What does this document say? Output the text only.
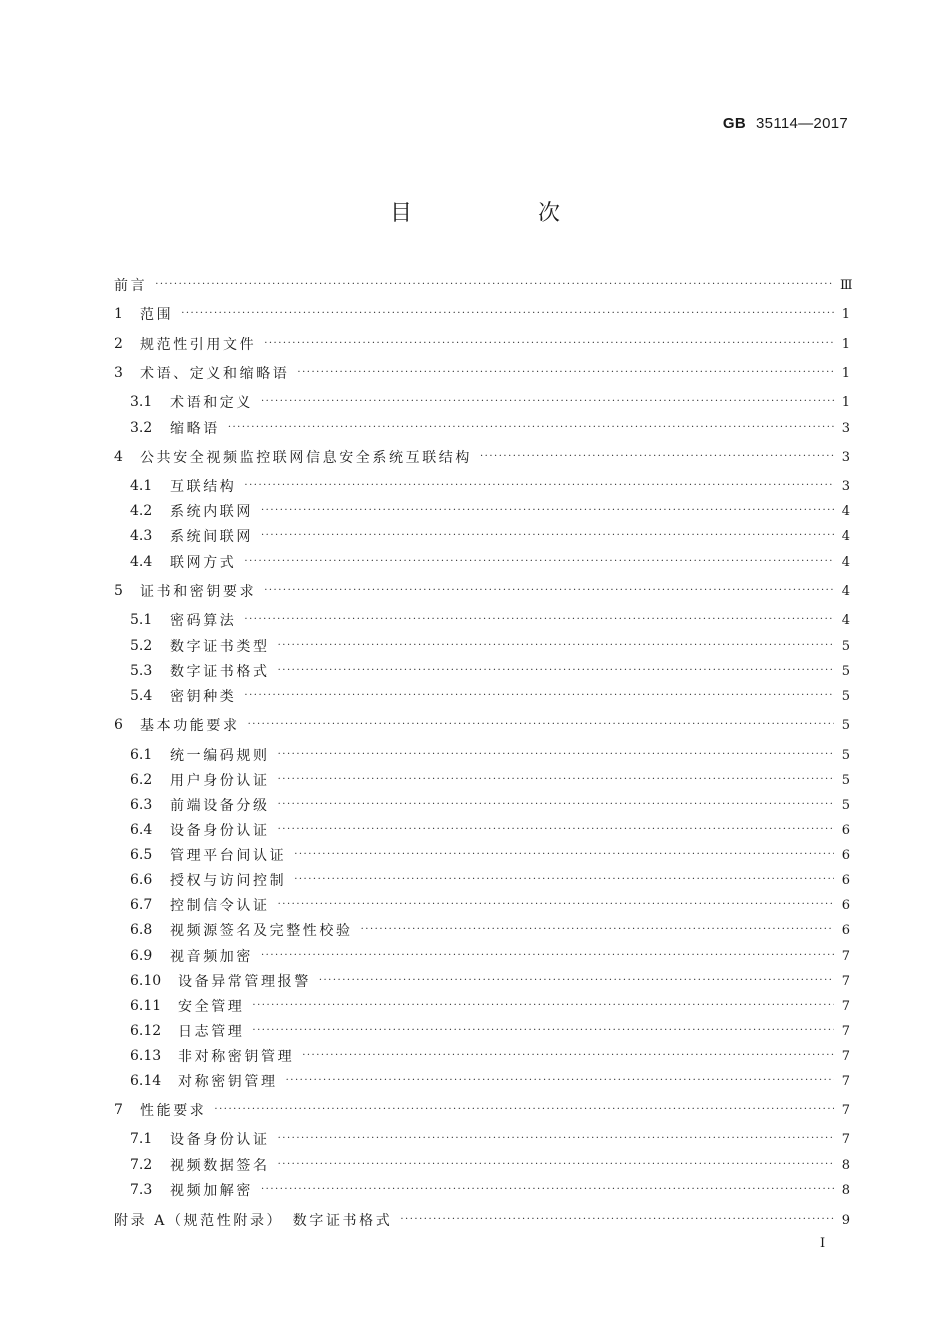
GB 35114—2017
目　次
前言 ·····	Ⅲ
1	范围 ·····	1
2	规范性引用文件 ·····	1
3	术语、定义和缩略语 ·····	1
3.1	术语和定义 ·····	1
3.2	缩略语 ·····	3
4	公共安全视频监控联网信息安全系统互联结构 ·····	3
4.1	互联结构 ·····	3
4.2	系统内联网 ·····	4
4.3	系统间联网 ·····	4
4.4	联网方式 ·····	4
5	证书和密钥要求 ·····	4
5.1	密码算法 ·····	4
5.2	数字证书类型 ·····	5
5.3	数字证书格式 ·····	5
5.4	密钥种类 ·····	5
6	基本功能要求 ·····	5
6.1	统一编码规则 ·····	5
6.2	用户身份认证 ·····	5
6.3	前端设备分级 ·····	5
6.4	设备身份认证 ·····	6
6.5	管理平台间认证 ·····	6
6.6	授权与访问控制 ·····	6
6.7	控制信令认证 ·····	6
6.8	视频源签名及完整性校验 ·····	6
6.9	视音频加密 ·····	7
6.10	设备异常管理报警 ·····	7
6.11	安全管理 ·····	7
6.12	日志管理 ·····	7
6.13	非对称密钥管理 ·····	7
6.14	对称密钥管理 ·····	7
7	性能要求 ·····	7
7.1	设备身份认证 ·····	7
7.2	视频数据签名 ·····	8
7.3	视频加解密 ·····	8
附录 A（规范性附录）　数字证书格式 ·····	9
I
